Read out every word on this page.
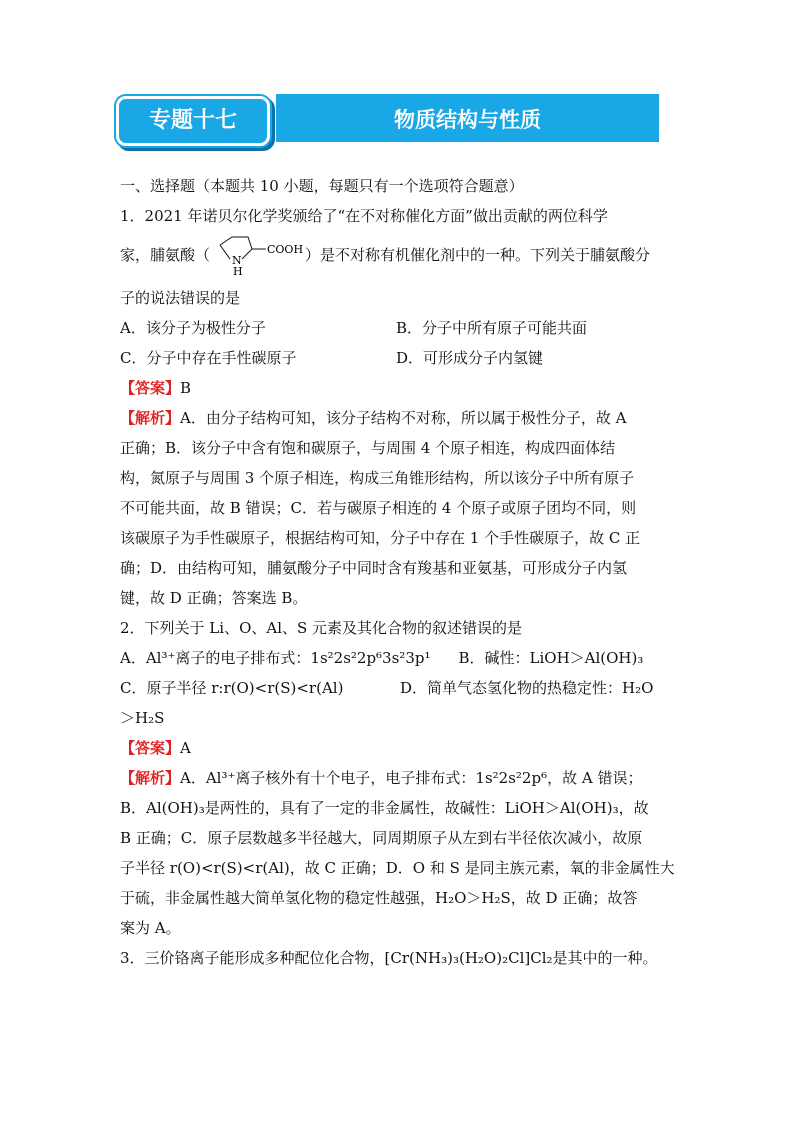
专题十七	物质结构与性质
一、选择题（本题共 10 小题，每题只有一个选项符合题意）
1．2021 年诺贝尔化学奖颁给了“在不对称催化方面”做出贡献的两位科学
家，脯氨酸（ N
H
COOH ）是不对称有机催化剂中的一种。下列关于脯氨酸分
子的说法错误的是
A．该分子为极性分子	B．分子中所有原子可能共面
C．分子中存在手性碳原子	D．可形成分子内氢键
【答案】B
【解析】A．由分子结构可知，该分子结构不对称，所以属于极性分子，故 A
正确；B．该分子中含有饱和碳原子，与周围 4 个原子相连，构成四面体结
构，氮原子与周围 3 个原子相连，构成三角锥形结构，所以该分子中所有原子
不可能共面，故 B 错误；C．若与碳原子相连的 4 个原子或原子团均不同，则
该碳原子为手性碳原子，根据结构可知，分子中存在 1 个手性碳原子，故 C 正
确；D．由结构可知，脯氨酸分子中同时含有羧基和亚氨基，可形成分子内氢
键，故 D 正确；答案选 B。
2．下列关于 Li、O、Al、S 元素及其化合物的叙述错误的是
A．Al³⁺离子的电子排布式：1s²2s²2p⁶3s²3p¹ B．碱性：LiOH＞Al(OH)₃
C．原子半径 r:r(O)<r(S)<r(Al)	D．简单气态氢化物的热稳定性：H₂O
＞H₂S
【答案】A
【解析】A．Al³⁺离子核外有十个电子，电子排布式：1s²2s²2p⁶，故 A 错误；
B．Al(OH)₃是两性的，具有了一定的非金属性，故碱性：LiOH＞Al(OH)₃，故
B 正确；C．原子层数越多半径越大，同周期原子从左到右半径依次减小，故原
子半径 r(O)<r(S)<r(Al)，故 C 正确；D．O 和 S 是同主族元素，氧的非金属性大
于硫，非金属性越大简单氢化物的稳定性越强，H₂O＞H₂S，故 D 正确；故答
案为 A。
3．三价铬离子能形成多种配位化合物，[Cr(NH₃)₃(H₂O)₂Cl]Cl₂是其中的一种。
